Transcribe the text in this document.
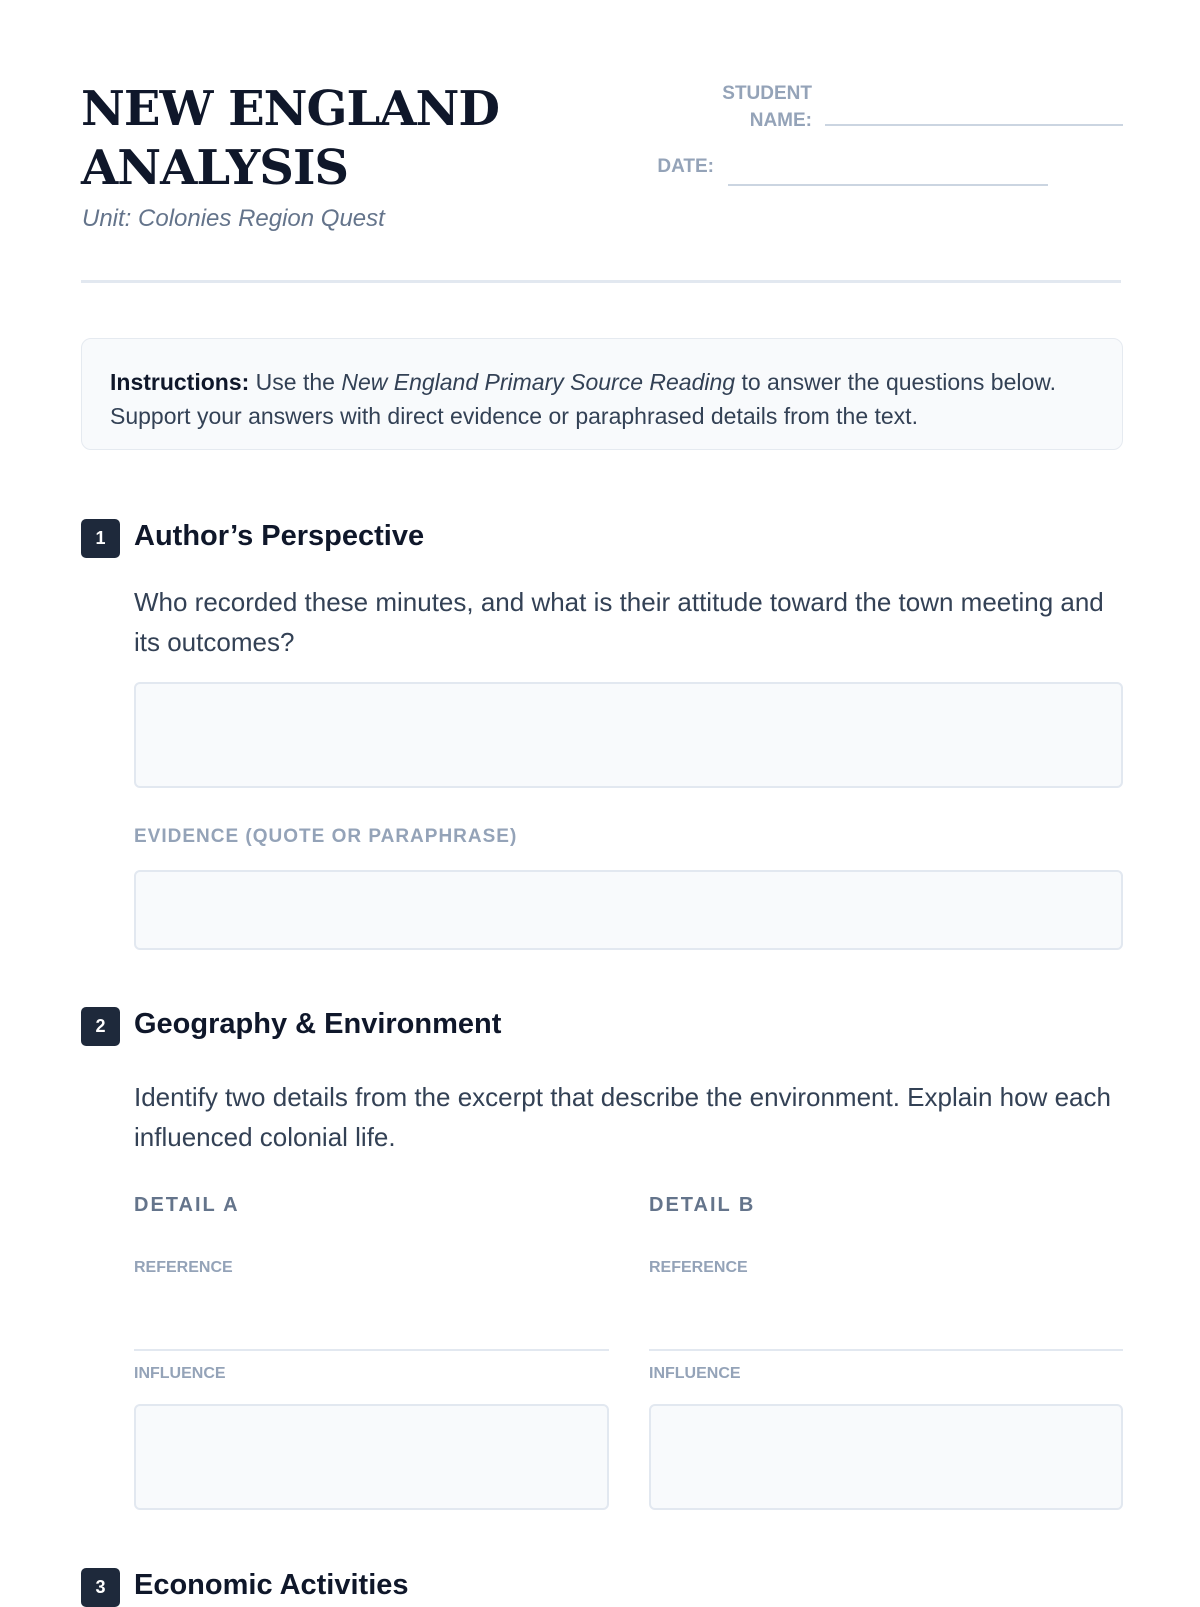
NEW ENGLAND
ANALYSIS
Unit: Colonies Region Quest
STUDENT
NAME:
DATE:
Instructions: Use the New England Primary Source Reading to answer the questions below. Support your answers with direct evidence or paraphrased details from the text.
1 Author’s Perspective
Who recorded these minutes, and what is their attitude toward the town meeting and its outcomes?
EVIDENCE (QUOTE OR PARAPHRASE)
2 Geography & Environment
Identify two details from the excerpt that describe the environment. Explain how each influenced colonial life.
DETAIL A
REFERENCE
INFLUENCE
DETAIL B
REFERENCE
INFLUENCE
3 Economic Activities
